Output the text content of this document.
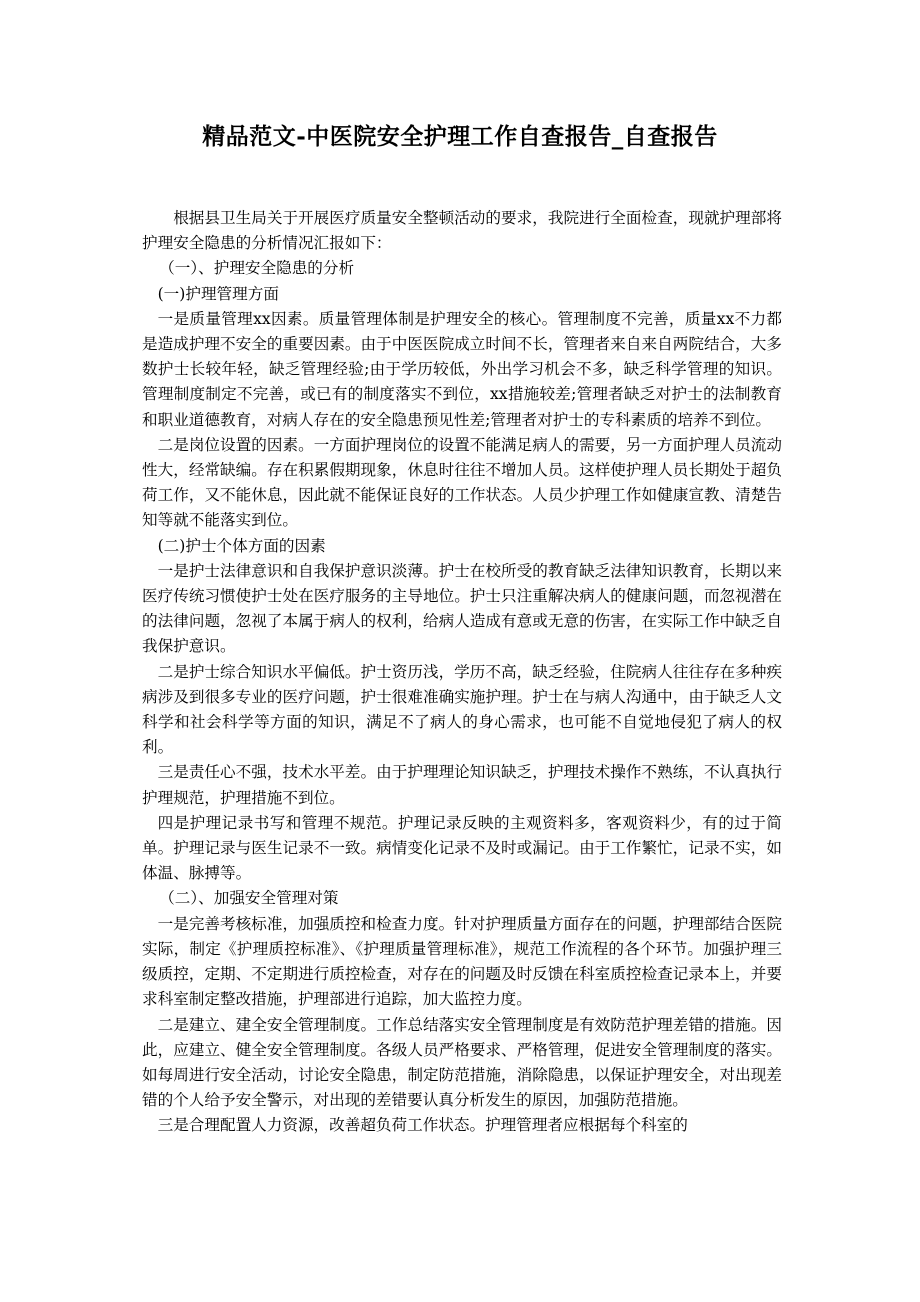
精品范文-中医院安全护理工作自查报告_自查报告

根据县卫生局关于开展医疗质量安全整顿活动的要求，我院进行全面检查，现就护理部将护理安全隐患的分析情况汇报如下：

（一）、护理安全隐患的分析

(一)护理管理方面

一是质量管理xx因素。质量管理体制是护理安全的核心。管理制度不完善，质量xx不力都是造成护理不安全的重要因素。由于中医医院成立时间不长，管理者来自来自两院结合，大多数护士长较年轻，缺乏管理经验;由于学历较低，外出学习机会不多，缺乏科学管理的知识。管理制度制定不完善，或已有的制度落实不到位，xx措施较差;管理者缺乏对护士的法制教育和职业道德教育，对病人存在的安全隐患预见性差;管理者对护士的专科素质的培养不到位。

二是岗位设置的因素。一方面护理岗位的设置不能满足病人的需要，另一方面护理人员流动性大，经常缺编。存在积累假期现象，休息时往往不增加人员。这样使护理人员长期处于超负荷工作，又不能休息，因此就不能保证良好的工作状态。人员少护理工作如健康宣教、清楚告知等就不能落实到位。

(二)护士个体方面的因素

一是护士法律意识和自我保护意识淡薄。护士在校所受的教育缺乏法律知识教育，长期以来医疗传统习惯使护士处在医疗服务的主导地位。护士只注重解决病人的健康问题，而忽视潜在的法律问题，忽视了本属于病人的权利，给病人造成有意或无意的伤害，在实际工作中缺乏自我保护意识。

二是护士综合知识水平偏低。护士资历浅，学历不高，缺乏经验，住院病人往往存在多种疾病涉及到很多专业的医疗问题，护士很难准确实施护理。护士在与病人沟通中，由于缺乏人文科学和社会科学等方面的知识，满足不了病人的身心需求，也可能不自觉地侵犯了病人的权利。

三是责任心不强，技术水平差。由于护理理论知识缺乏，护理技术操作不熟练，不认真执行护理规范，护理措施不到位。

四是护理记录书写和管理不规范。护理记录反映的主观资料多，客观资料少，有的过于简单。护理记录与医生记录不一致。病情变化记录不及时或漏记。由于工作繁忙，记录不实，如体温、脉搏等。

（二）、加强安全管理对策

一是完善考核标准，加强质控和检查力度。针对护理质量方面存在的问题，护理部结合医院实际，制定《护理质控标准》、《护理质量管理标准》，规范工作流程的各个环节。加强护理三级质控，定期、不定期进行质控检查，对存在的问题及时反馈在科室质控检查记录本上，并要求科室制定整改措施，护理部进行追踪，加大监控力度。

二是建立、建全安全管理制度。工作总结落实安全管理制度是有效防范护理差错的措施。因此，应建立、健全安全管理制度。各级人员严格要求、严格管理，促进安全管理制度的落实。如每周进行安全活动，讨论安全隐患，制定防范措施，消除隐患，以保证护理安全，对出现差错的个人给予安全警示，对出现的差错要认真分析发生的原因，加强防范措施。

三是合理配置人力资源，改善超负荷工作状态。护理管理者应根据每个科室的
